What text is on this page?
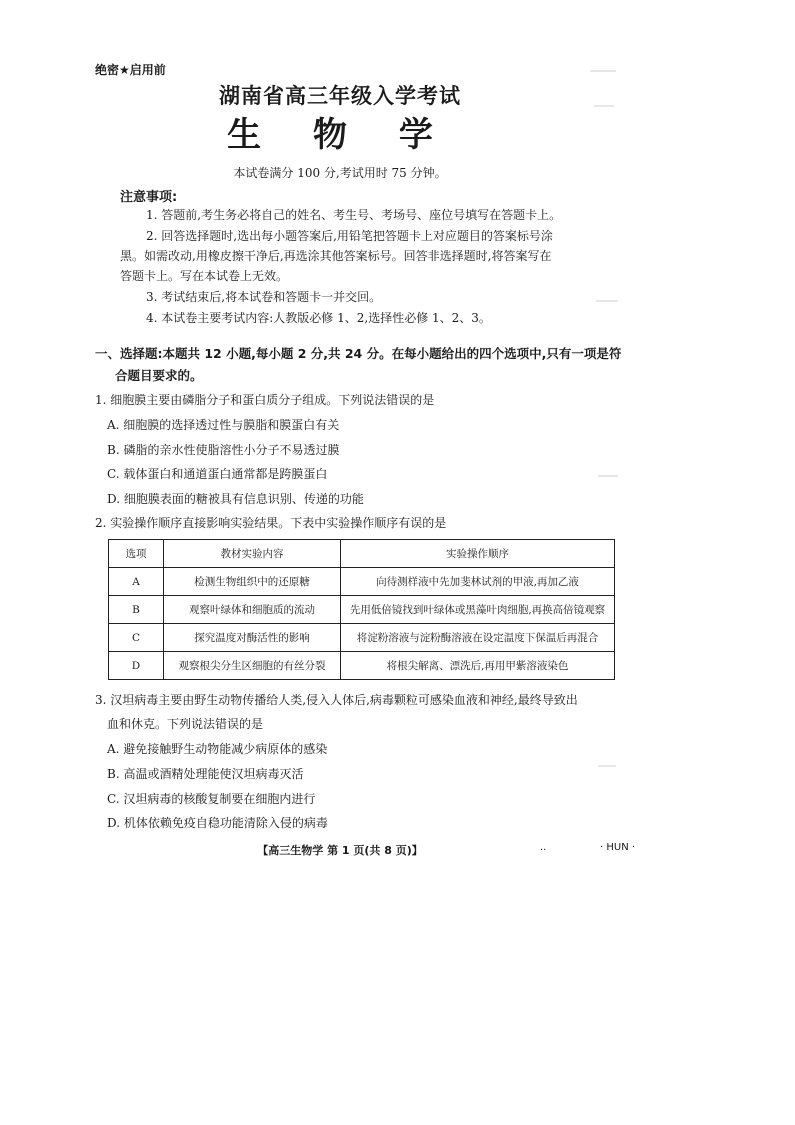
绝密★启用前
湖南省高三年级入学考试
生 物 学
本试卷满分 100 分,考试用时 75 分钟。
注意事项:
1. 答题前,考生务必将自己的姓名、考生号、考场号、座位号填写在答题卡上。
2. 回答选择题时,选出每小题答案后,用铅笔把答题卡上对应题目的答案标号涂
黑。如需改动,用橡皮擦干净后,再选涂其他答案标号。回答非选择题时,将答案写在
答题卡上。写在本试卷上无效。
3. 考试结束后,将本试卷和答题卡一并交回。
4. 本试卷主要考试内容:人教版必修 1、2,选择性必修 1、2、3。
一、选择题:本题共 12 小题,每小题 2 分,共 24 分。在每小题给出的四个选项中,只有一项是符
合题目要求的。
1. 细胞膜主要由磷脂分子和蛋白质分子组成。下列说法错误的是
A. 细胞膜的选择透过性与膜脂和膜蛋白有关
B. 磷脂的亲水性使脂溶性小分子不易透过膜
C. 载体蛋白和通道蛋白通常都是跨膜蛋白
D. 细胞膜表面的糖被具有信息识别、传递的功能
2. 实验操作顺序直接影响实验结果。下表中实验操作顺序有误的是
选项	教材实验内容	实验操作顺序
A	检测生物组织中的还原糖	向待测样液中先加斐林试剂的甲液,再加乙液
B	观察叶绿体和细胞质的流动	先用低倍镜找到叶绿体或黑藻叶肉细胞,再换高倍镜观察
C	探究温度对酶活性的影响	将淀粉溶液与淀粉酶溶液在设定温度下保温后再混合
D	观察根尖分生区细胞的有丝分裂	将根尖解离、漂洗后,再用甲紫溶液染色
3. 汉坦病毒主要由野生动物传播给人类,侵入人体后,病毒颗粒可感染血液和神经,最终导致出
血和休克。下列说法错误的是
A. 避免接触野生动物能减少病原体的感染
B. 高温或酒精处理能使汉坦病毒灭活
C. 汉坦病毒的核酸复制要在细胞内进行
D. 机体依赖免疫自稳功能清除入侵的病毒
【高三生物学 第 1 页(共 8 页)】	..	· HUN ·
